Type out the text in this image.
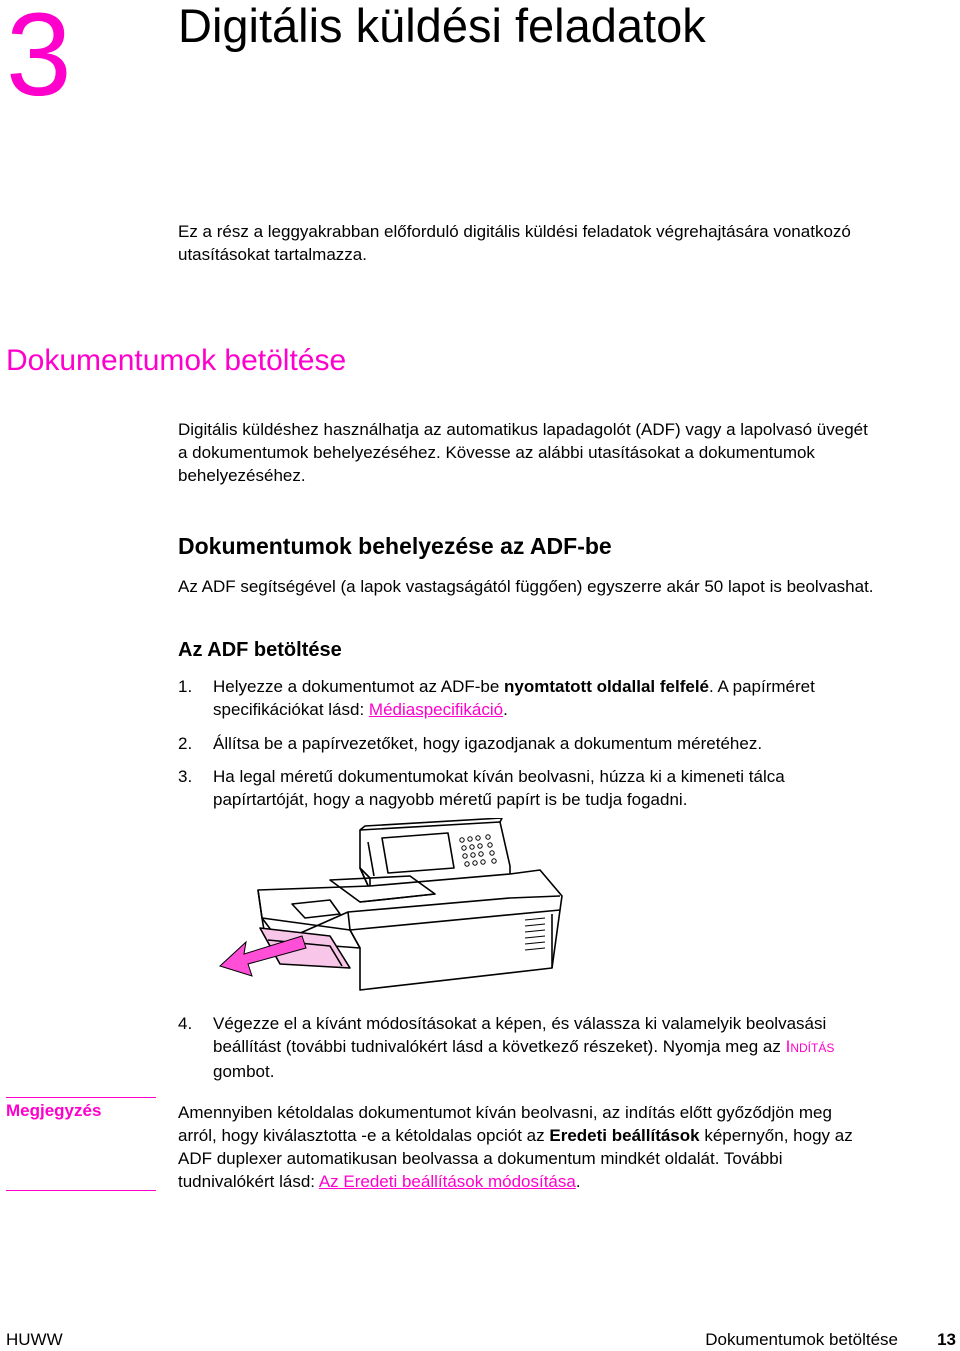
3 Digitális küldési feladatok
Ez a rész a leggyakrabban előforduló digitális küldési feladatok végrehajtására vonatkozó utasításokat tartalmazza.
Dokumentumok betöltése
Digitális küldéshez használhatja az automatikus lapadagolót (ADF) vagy a lapolvasó üvegét
a dokumentumok behelyezéséhez. Kövesse az alábbi utasításokat a dokumentumok
behelyezéséhez.
Dokumentumok behelyezése az ADF-be
Az ADF segítségével (a lapok vastagságától függően) egyszerre akár 50 lapot is beolvashat.
Az ADF betöltése
1. Helyezze a dokumentumot az ADF-be nyomtatott oldallal felfelé. A papírméret
specifikációkat lásd: Médiaspecifikáció.
2. Állítsa be a papírvezetőket, hogy igazodjanak a dokumentum méretéhez.
3. Ha legal méretű dokumentumokat kíván beolvasni, húzza ki a kimeneti tálca
papírtartóját, hogy a nagyobb méretű papírt is be tudja fogadni.
4. Végezze el a kívánt módosításokat a képen, és válassza ki valamelyik beolvasási
beállítást (további tudnivalókért lásd a következő részeket). Nyomja meg az INDÍTÁS
gombot.
Megjegyzés	Amennyiben kétoldalas dokumentumot kíván beolvasni, az indítás előtt győződjön meg
arról, hogy kiválasztotta -e a kétoldalas opciót az Eredeti beállítások képernyőn, hogy az
ADF duplexer automatikusan beolvassa a dokumentum mindkét oldalát. További
tudnivalókért lásd: Az Eredeti beállítások módosítása.
HUWW	Dokumentumok betöltése 13
